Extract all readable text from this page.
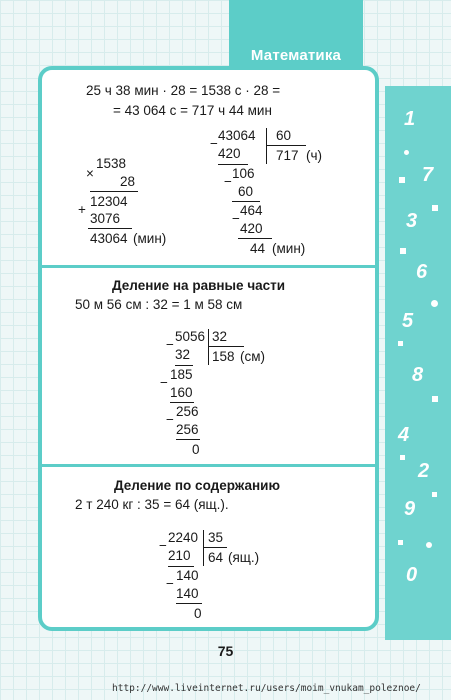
Математика
1
7
3
6
5
8
4
2
9
0
25 ч 38 мин · 28 = 1538 с · 28 =
= 43 064 с = 717 ч 44 мин
×
1538
28
+
12304
3076
43064 (мин)
−
43064 60
717 (ч)
420
−
106
60
−
464
420
44 (мин)
Деление на равные части
50 м 56 см : 32 = 1 м 58 см
−
5056 32
158 (см)
32
−
185
160
−
256
256
0
Деление по содержанию
2 т 240 кг : 35 = 64 (ящ.).
−
2240 35
64 (ящ.)
210
−
140
140
0
75
http://www.liveinternet.ru/users/moim_vnukam_poleznoe/
